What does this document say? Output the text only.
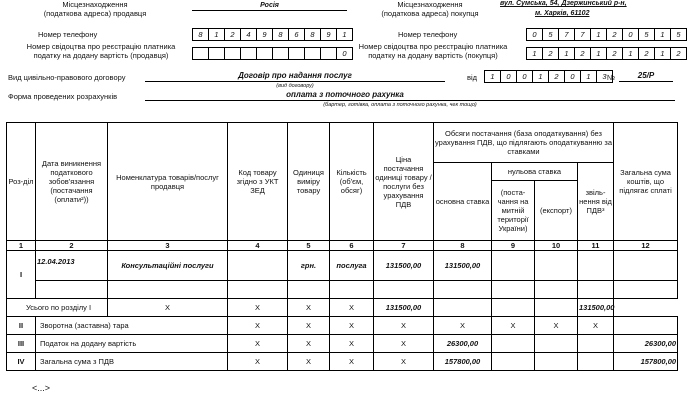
Місцезнаходження
(податкова адреса) продавця
Росія	Місцезнаходження
(податкова адреса) покупця
вул. Сумська, 54, Дзержинський р-н,
м. Харків, 61102
Номер телефону	8	1	2	4	9	8	6	8	9	1	Номер телефону	0	5	7	7	1	2	0	5	1	5
Номер свідоцтва про реєстрацію платника
податку на додану вартість (продавця)	0
Номер свідоцтва про реєстрацію платника
податку на додану вартість (покупця)	1	2	1	2	1	2	1	2	1	2
Вид цивільно-правового договору	Договір про надання послуг
(вид договору)
від	1	0	0	1	2	0	1	3 №	25/Р
Форма проведених розрахунків	оплата з поточного рахунка
(бартер, готівка, оплата з поточного рахунка, чек тощо)
Роз-діл	Дата виникнення податкового зобов'язання (постачання (оплати²))	Номенклатура товарів/послуг продавця	Код товару згідно з УКТ ЗЕД	Одиниця виміру товару	Кількість (об'єм, обсяг)	Ціна постачання одиниці товару / послуги без урахування ПДВ	Обсяги постачання (база оподаткування) без урахування ПДВ, що підлягають оподаткуванню за ставками				Загальна сума коштів, що підлягає сплаті
							основна ставка	нульова ставка		звіль-нення від ПДВ³	
								(поста-чання на митній території України)	(експорт)		
1	2	3	4	5	6	7	8	9	10	11	12
I	12.04.2013	Консультаційні послуги		грн.	послуга	131500,00	131500,00				

Усього по розділу I		Х	Х	Х	Х	131500,00				131500,00	
II	Зворотна (заставна) тара		Х	Х	Х	Х	Х	Х	Х	Х	
III	Податок на додану вартість		Х	Х	Х	Х	26300,00				26300,00
IV	Загальна сума з ПДВ		Х	Х	Х	Х	157800,00				157800,00
<...>
